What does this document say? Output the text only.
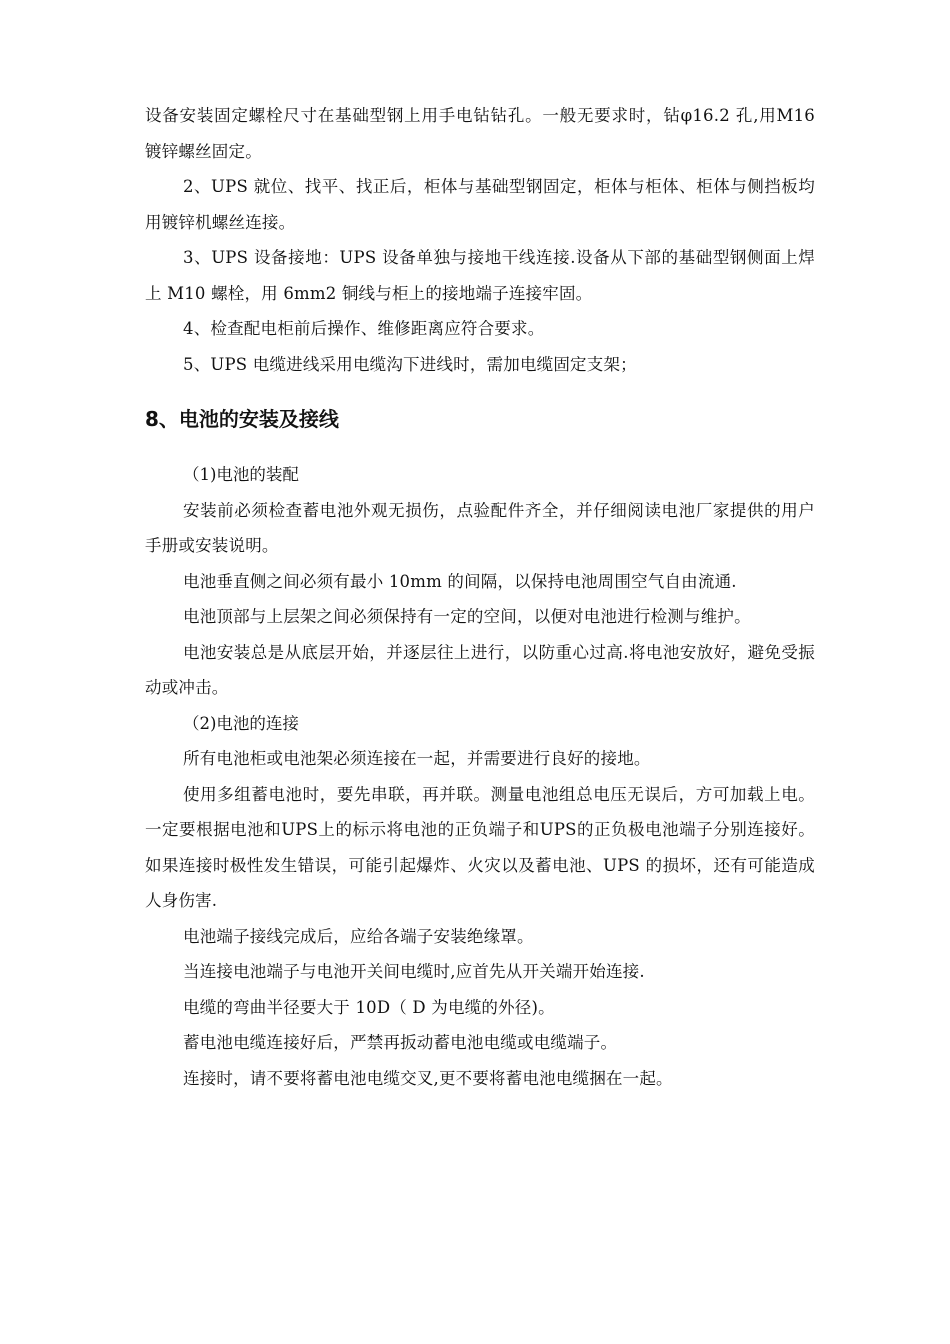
设备安装固定螺栓尺寸在基础型钢上用手电钻钻孔。一般无要求时，钻φ16.2 孔,用M16 镀锌螺丝固定。

2、UPS 就位、找平、找正后，柜体与基础型钢固定，柜体与柜体、柜体与侧挡板均用镀锌机螺丝连接。

3、UPS 设备接地：UPS 设备单独与接地干线连接.设备从下部的基础型钢侧面上焊上 M10 螺栓，用 6mm2 铜线与柜上的接地端子连接牢固。

4、检查配电柜前后操作、维修距离应符合要求。

5、UPS 电缆进线采用电缆沟下进线时，需加电缆固定支架；

8、电池的安装及接线

（1)电池的装配

安装前必须检查蓄电池外观无损伤，点验配件齐全，并仔细阅读电池厂家提供的用户手册或安装说明。

电池垂直侧之间必须有最小 10mm 的间隔，以保持电池周围空气自由流通.

电池顶部与上层架之间必须保持有一定的空间，以便对电池进行检测与维护。

电池安装总是从底层开始，并逐层往上进行，以防重心过高.将电池安放好，避免受振动或冲击。

（2)电池的连接

所有电池柜或电池架必须连接在一起，并需要进行良好的接地。

使用多组蓄电池时，要先串联，再并联。测量电池组总电压无误后，方可加载上电。一定要根据电池和UPS上的标示将电池的正负端子和UPS的正负极电池端子分别连接好。如果连接时极性发生错误，可能引起爆炸、火灾以及蓄电池、UPS 的损坏，还有可能造成人身伤害.

电池端子接线完成后，应给各端子安装绝缘罩。

当连接电池端子与电池开关间电缆时,应首先从开关端开始连接.

电缆的弯曲半径要大于 10D（ D 为电缆的外径)。

蓄电池电缆连接好后，严禁再扳动蓄电池电缆或电缆端子。

连接时，请不要将蓄电池电缆交叉,更不要将蓄电池电缆捆在一起。
